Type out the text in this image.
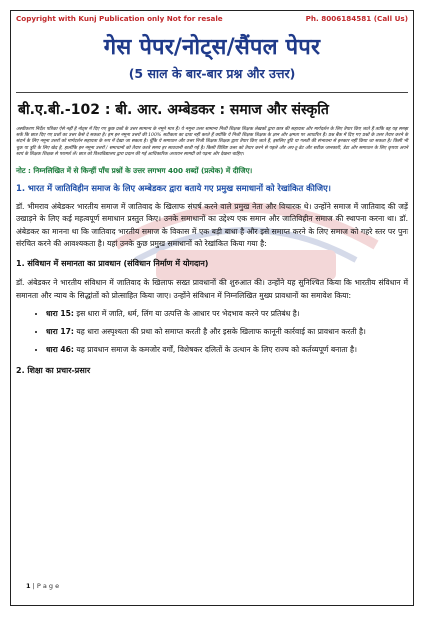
Copyright with Kunj Publication only Not for resale	Ph. 8006184581 (Call Us)
गेस पेपर/नोट्स/सैंपल पेपर
(5 साल के बार-बार प्रश्न और उत्तर)
बी.ए.बी.-102 : बी. आर. अम्बेडकर : समाज और संस्कृति
अस्वीकरण निर्देश पत्रिका ऐसे नहीं है नोट्स में दिए गए कुछ प्रश्नों के उत्तर सामान्य के नमूने मात्र हैं। ये नमूना उत्तर सामान्य निजी शिक्षक शिक्षक लेखकों द्वारा छात्र की सहायता और मार्गदर्शन के लिए तैयार किए जाते हैं ताकि वह यह समझ सकें कि छात्र दिए गए प्रश्नों का उत्तर कैसे दे सकता है। हम इन नमूना उत्तरों की 100% सटीकता का दावा नहीं करते हैं क्योंकि ये निजी शिक्षक शिक्षक के ज्ञान और क्षमता पर आधारित हैं। प्रश्न बैंक में दिए गए प्रश्नों के उत्तर तैयार करने के संदर्भ के लिए नमूना उत्तरों को मार्गदर्शन सहायता के रूप में देखा जा सकता है। चूँकि ये समाधान और उत्तर निजी शिक्षक शिक्षक द्वारा तैयार किए जाते हैं, इसलिए त्रुटि या गलती की संभावना से इनकार नहीं किया जा सकता है। किसी भी चूक या त्रुटि के लिए खेद है, हालाँकि इन नमूना उत्तरों / समाधानों को तैयार करते समय हर सावधानी बरती गई है। किसी विशिष्ट उत्तर को तैयार करने से पहले और अप-टू-डेट और सटीक जानकारी, डेटा और समाधान के लिए कृपया अपने स्वयं के शिक्षक शिक्षक से परामर्श लें। छात्र को विश्वविद्यालय द्वारा प्रदान की गई आधिकारिक अध्ययन सामग्री को पढ़ना और देखना चाहिए।
नोट : निम्नलिखित में से किन्हीं पाँच प्रश्नों के उत्तर लगभग 400 शब्दों (प्रत्येक) में दीजिए।
1. भारत में जातिविहीन समाज के लिए अम्बेडकर द्वारा बताये गए प्रमुख समाधानों को रेखांकित कीजिए।
डॉ. भीमराव अंबेडकर भारतीय समाज में जातिवाद के खिलाफ संघर्ष करने वाले प्रमुख नेता और विचारक थे। उन्होंने समाज में जातिवाद की जड़ें उखाड़ने के लिए कई महत्वपूर्ण समाधान प्रस्तुत किए। उनके समाधानों का उद्देश्य एक समान और जातिविहीन समाज की स्थापना करना था। डॉ. अंबेडकर का मानना था कि जातिवाद भारतीय समाज के विकास में एक बड़ी बाधा है और इसे समाप्त करने के लिए समाज को गहरे स्तर पर पुनः संरचित करने की आवश्यकता है। यहां उनके कुछ प्रमुख समाधानों को रेखांकित किया गया है:
1. संविधान में समानता का प्रावधान (संविधान निर्माण में योगदान)
डॉ. अंबेडकर ने भारतीय संविधान में जातिवाद के खिलाफ सख्त प्रावधानों की शुरुआत की। उन्होंने यह सुनिश्चित किया कि भारतीय संविधान में समानता और न्याय के सिद्धांतों को प्रोत्साहित किया जाए। उन्होंने संविधान में निम्नलिखित मुख्य प्रावधानों का समावेश किया:
• धारा 15: इस धारा में जाति, धर्म, लिंग या उत्पत्ति के आधार पर भेदभाव करने पर प्रतिबंध है।
• धारा 17: यह धारा अस्पृश्यता की प्रथा को समाप्त करती है और इसके खिलाफ कानूनी कार्रवाई का प्रावधान करती है।
• धारा 46: यह प्रावधान समाज के कमजोर वर्गों, विशेषकर दलितों के उत्थान के लिए राज्य को कर्तव्यपूर्ण बनाता है।
2. शिक्षा का प्रचार-प्रसार
1 | P a g e
